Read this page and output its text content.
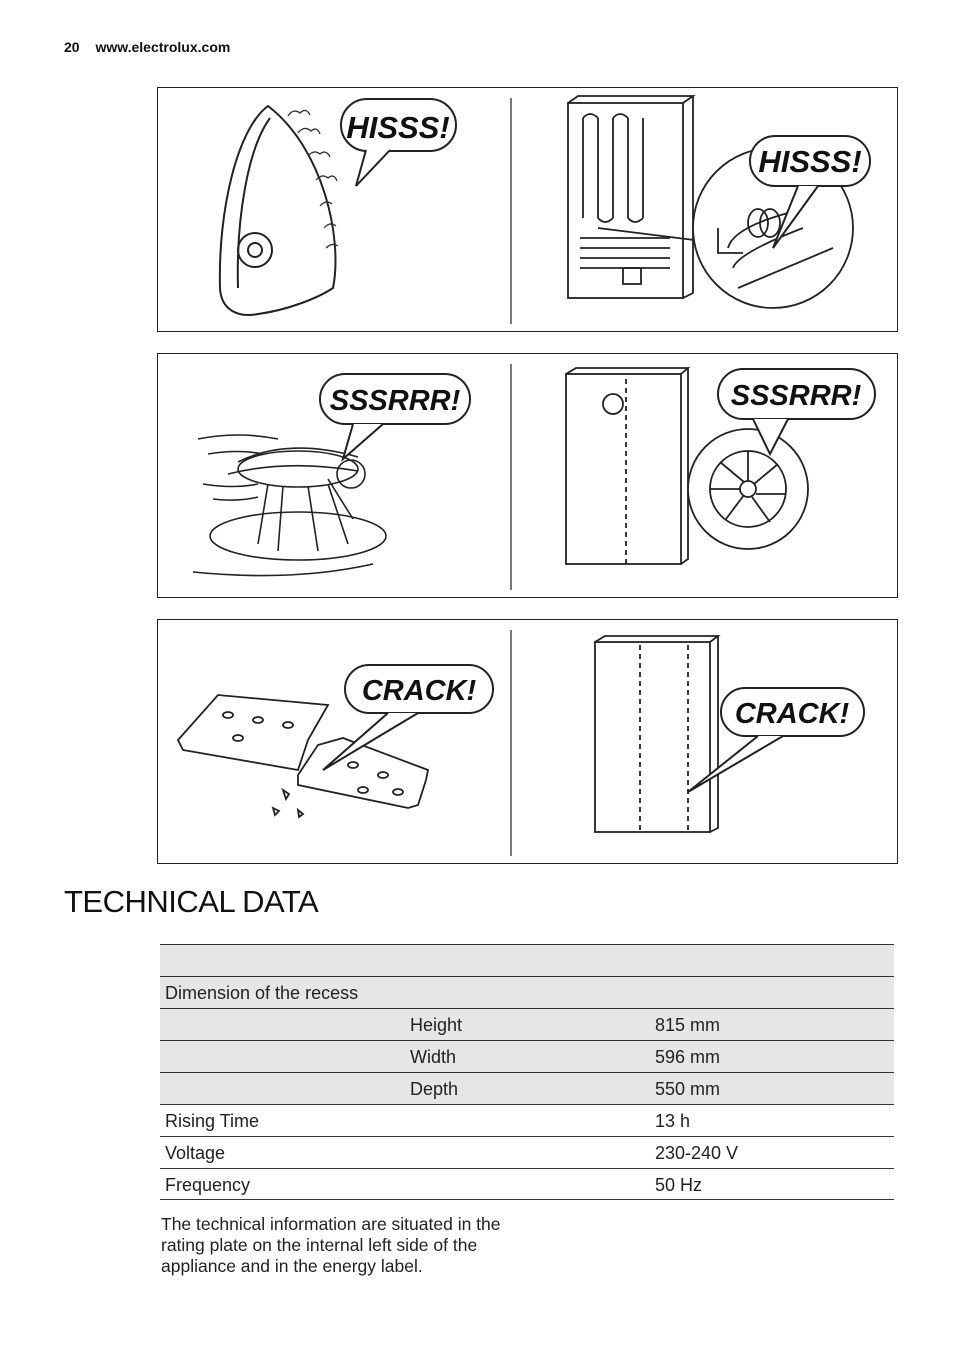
20 www.electrolux.com
HISSS!
HISSS!
SSSRRR!	SSSRRR!
CRACK!
CRACK!
TECHNICAL DATA
Dimension of the recess
Height	815 mm
Width	596 mm
Depth	550 mm
Rising Time	13 h
Voltage	230-240 V
Frequency	50 Hz
The technical information are situated in the rating plate on the internal left side of the appliance and in the energy label.
